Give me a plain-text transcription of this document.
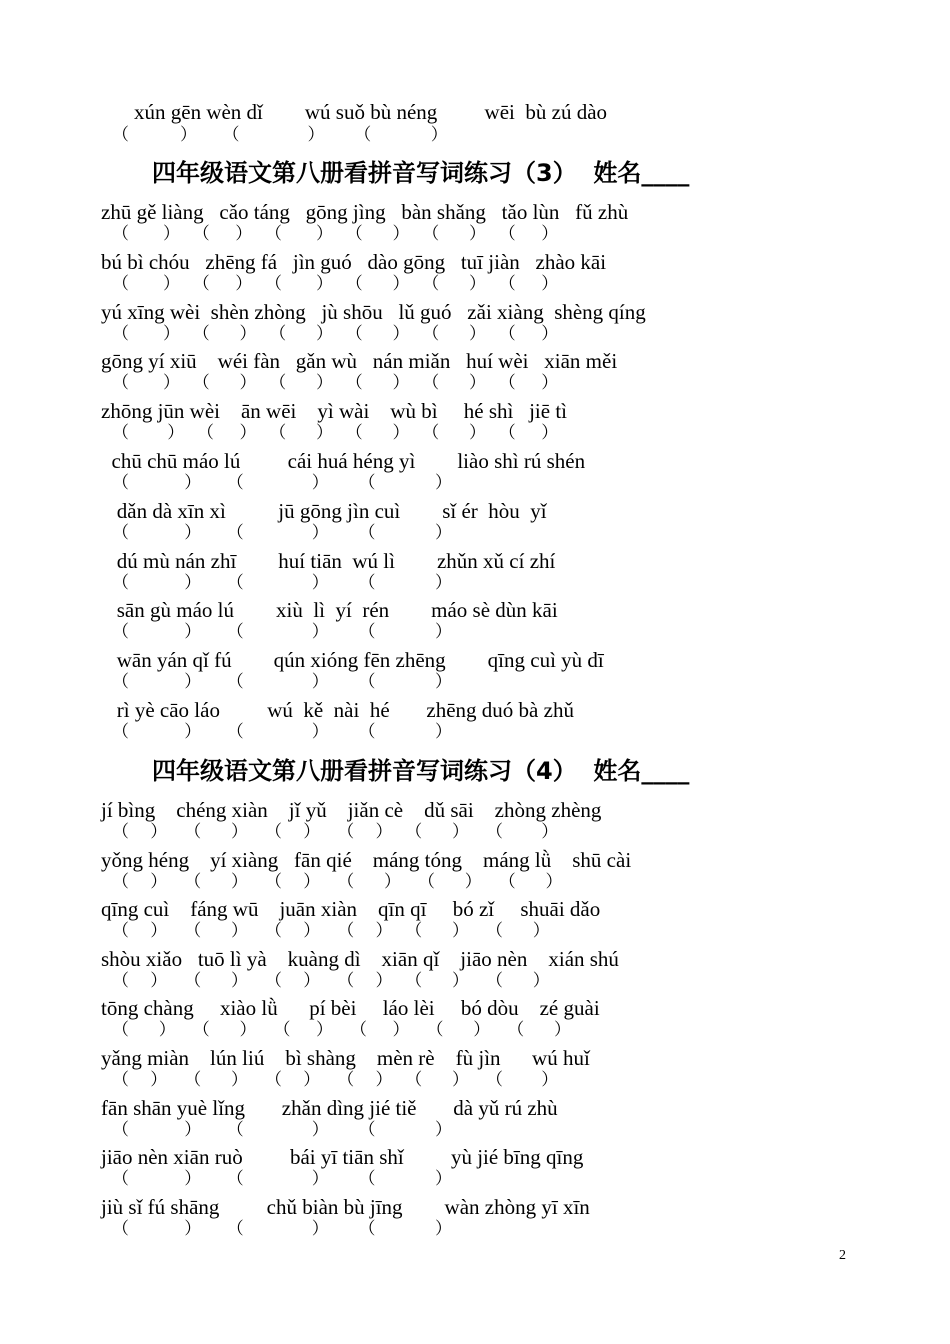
xún gēn wèn dǐ        wú suǒ bù néng         wēi  bù zú dào
（            ）      （                ）       （              ）
四年级语文第八册看拼音写词练习（3）  姓名____
zhū gě liàng   cǎo táng   gōng jìng   bàn shǎng   tǎo lùn   fǔ zhù
（        ）   （      ）   （        ）   （       ）   （       ）   （      ）
bú bì chóu   zhēng fá   jìn guó   dào gōng   tuī jiàn   zhào kāi
（        ）   （      ）   （        ）   （       ）   （       ）   （      ）
yú xīng wèi  shèn zhòng   jù shōu   lǔ guó   zǎi xiàng  shèng qíng
（        ）   （       ）   （       ）   （       ）   （       ）   （      ）
gōng yí xiū    wéi fàn   gǎn wù   nán miǎn   huí wèi   xiān měi
（        ）   （       ）   （       ）   （       ）   （       ）   （      ）
zhōng jūn wèi    ān wēi    yì wài    wù bì     hé shì   jiē tì
（         ）   （      ）   （       ）   （       ）   （       ）   （      ）
chū chū máo lú         cái huá héng yì        liào shì rú shén
（             ）      （                ）       （              ）
dǎn dà xīn xì          jū gōng jìn cuì        sǐ ér  hòu  yǐ
（             ）      （                ）       （              ）
dú mù nán zhī        huí tiān  wú lì        zhǔn xǔ cí zhí
（             ）      （                ）       （              ）
sān gù máo lú        xiù  lì  yí  rén        máo sè dùn kāi
（             ）      （                ）       （              ）
wān yán qǐ fú        qún xióng fēn zhēng        qīng cuì yù dī
（             ）      （                ）       （              ）
rì yè cāo láo         wú  kě  nài  hé       zhēng duó bà zhǔ
（             ）      （                ）       （              ）
四年级语文第八册看拼音写词练习（4）  姓名____
jí bìng    chéng xiàn    jǐ yǔ    jiǎn cè    dǔ sāi    zhòng zhèng
（     ）    （       ）    （     ）    （     ）   （       ）    （         ）
yǒng héng    yí xiàng   fān qié    máng tóng    máng lǜ    shū cài
（     ）    （       ）    （     ）    （       ）    （       ）    （       ）
qīng cuì    fáng wū    juān xiàn    qīn qī     bó zǐ     shuāi dǎo
（     ）    （       ）    （     ）    （     ）   （       ）    （       ）
shòu xiǎo   tuō lì yà    kuàng dì    xiān qǐ    jiāo nèn    xián shú
（     ）    （       ）    （     ）    （     ）   （       ）    （       ）
tōng chàng     xiào lǜ      pí bèi     láo lèi     bó dòu    zé guài
（       ）    （       ）    （      ）    （      ）    （       ）    （       ）
yǎng miàn    lún liú    bì shàng    mèn rè    fù jìn      wú huǐ
（     ）    （       ）    （     ）    （     ）   （       ）    （         ）
fān shān yuè lǐng       zhǎn dìng jié tiě       dà yǔ rú zhù
（             ）      （                ）       （              ）
jiāo nèn xiān ruò         bái yī tiān shǐ         yù jié bīng qīng
（             ）      （                ）       （              ）
jiù sǐ fú shāng         chǔ biàn bù jīng        wàn zhòng yī xīn
（             ）      （                ）       （              ）
2
